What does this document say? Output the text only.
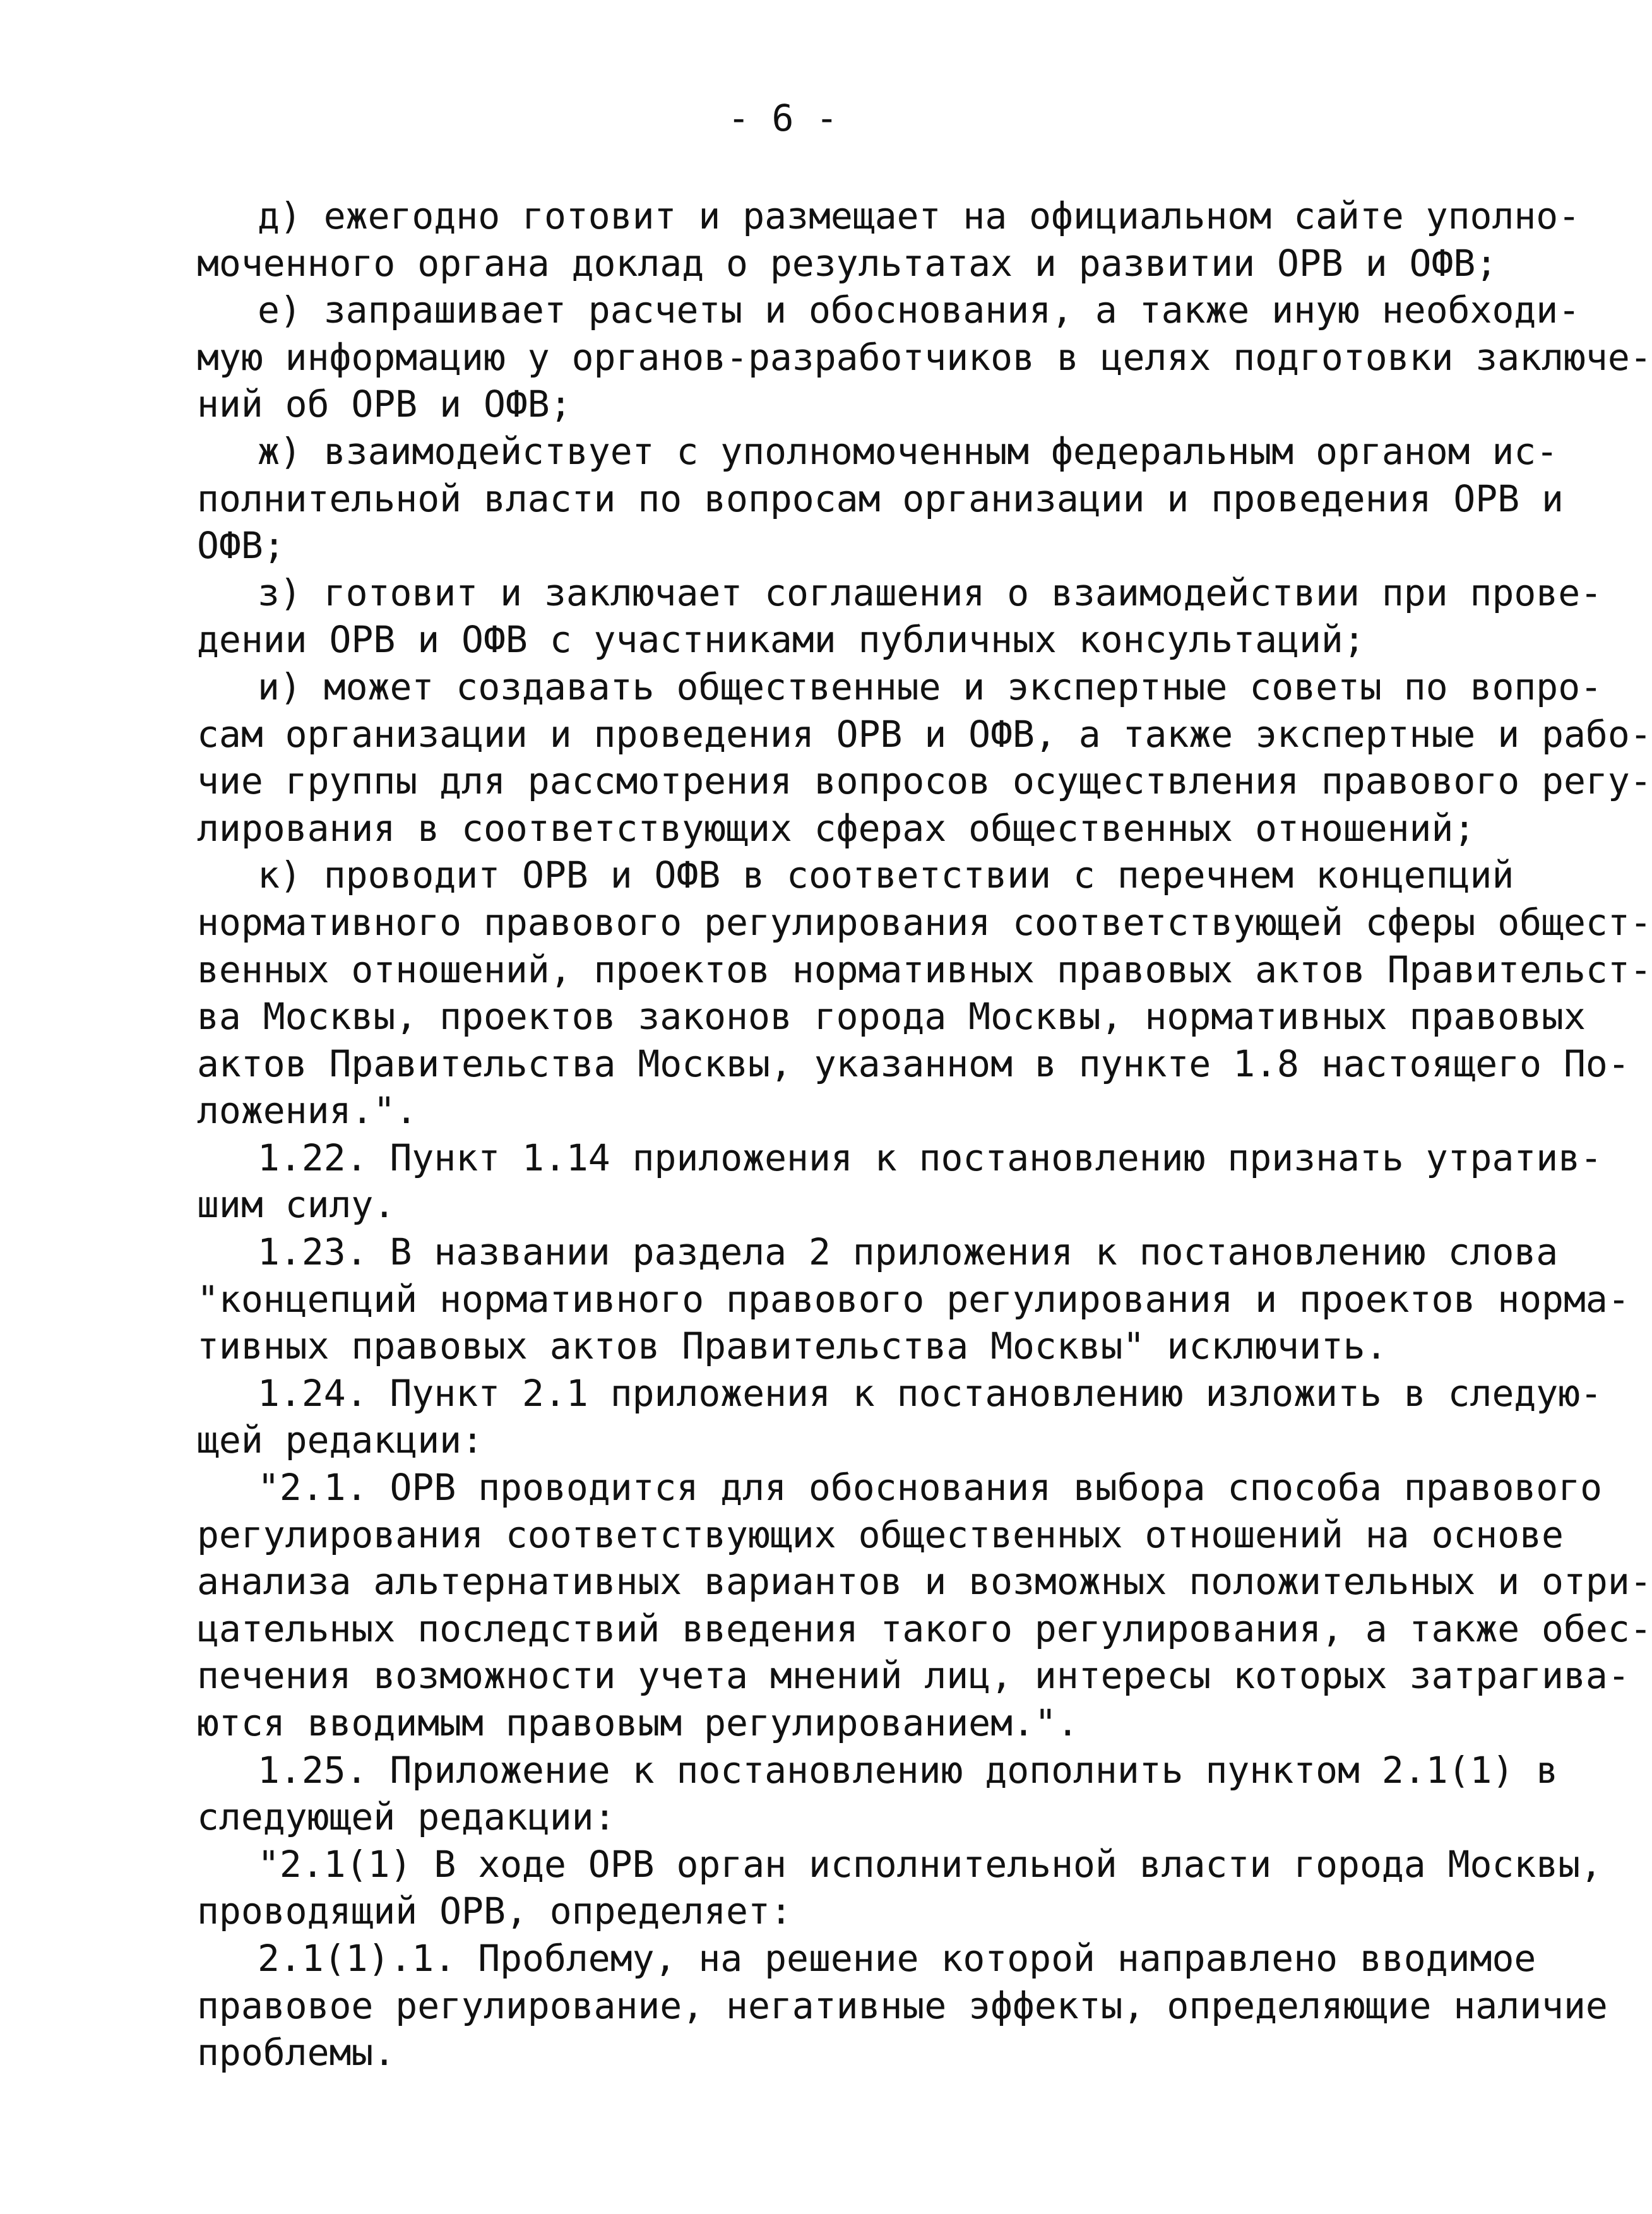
- 6 -
д) ежегодно готовит и размещает на официальном сайте уполно-
моченного органа доклад о результатах и развитии ОРВ и ОФВ;
е) запрашивает расчеты и обоснования, а также иную необходи-
мую информацию у органов-разработчиков в целях подготовки заключе-
ний об ОРВ и ОФВ;
ж) взаимодействует с уполномоченным федеральным органом ис-
полнительной власти по вопросам организации и проведения ОРВ и
ОФВ;
з) готовит и заключает соглашения о взаимодействии при прове-
дении ОРВ и ОФВ с участниками публичных консультаций;
и) может создавать общественные и экспертные советы по вопро-
сам организации и проведения ОРВ и ОФВ, а также экспертные и рабо-
чие группы для рассмотрения вопросов осуществления правового регу-
лирования в соответствующих сферах общественных отношений;
к) проводит ОРВ и ОФВ в соответствии с перечнем концепций
нормативного правового регулирования соответствующей сферы общест-
венных отношений, проектов нормативных правовых актов Правительст-
ва Москвы, проектов законов города Москвы, нормативных правовых
актов Правительства Москвы, указанном в пункте 1.8 настоящего По-
ложения.".
1.22. Пункт 1.14 приложения к постановлению признать утратив-
шим силу.
1.23. В названии раздела 2 приложения к постановлению слова
"концепций нормативного правового регулирования и проектов норма-
тивных правовых актов Правительства Москвы" исключить.
1.24. Пункт 2.1 приложения к постановлению изложить в следую-
щей редакции:
"2.1. ОРВ проводится для обоснования выбора способа правового
регулирования соответствующих общественных отношений на основе
анализа альтернативных вариантов и возможных положительных и отри-
цательных последствий введения такого регулирования, а также обес-
печения возможности учета мнений лиц, интересы которых затрагива-
ются вводимым правовым регулированием.".
1.25. Приложение к постановлению дополнить пунктом 2.1(1) в
следующей редакции:
"2.1(1) В ходе ОРВ орган исполнительной власти города Москвы,
проводящий ОРВ, определяет:
2.1(1).1. Проблему, на решение которой направлено вводимое
правовое регулирование, негативные эффекты, определяющие наличие
проблемы.
